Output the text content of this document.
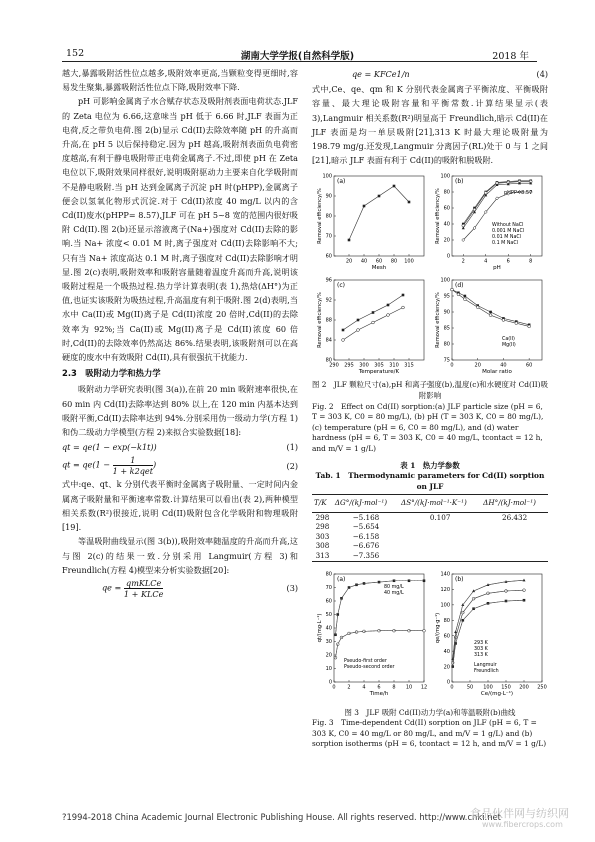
152	湖南大学学报(自然科学版)	2018 年

越大,暴露吸附活性位点越多,吸附效率更高,当颗粒变得更细时,容易发生聚集,暴露吸附活性位点下降,吸附效率下降.

pH 可影响金属离子水合赋存状态及吸附剂表面电荷状态.JLF 的 Zeta 电位为 6.66,这意味当 pH 低于 6.66 时,JLF 表面为正电荷,反之带负电荷.图 2(b)显示 Cd(II)去除效率随 pH 的升高而升高,在 pH 5 以后保持稳定.因为 pH 越高,吸附剂表面负电荷密度越高,有利于静电吸附带正电荷金属离子.不过,即使 pH 在 Zeta 电位以下,吸附效果同样很好,说明吸附驱动力主要来自化学吸附而不是静电吸附.当 pH 达到金属离子沉淀 pH 时(pHPP),金属离子便会以氢氧化物形式沉淀.对于 Cd(II)浓度 40 mg/L 以内的含 Cd(II)废水(pHPP= 8.57),JLF 可在 pH 5~8 宽的范围内很好吸附 Cd(II).图 2(b)还显示溶液离子(Na+)强度对 Cd(II)去除的影响.当 Na+ 浓度< 0.01 M 时,离子强度对 Cd(II)去除影响不大;只有当 Na+ 浓度高达 0.1 M 时,离子强度对 Cd(II)去除影响才明显.图 2(c)表明,吸附效率和吸附容量随着温度升高而升高,说明该吸附过程是一个吸热过程.热力学计算表明(表 1),热焓(ΔH°)为正值,也证实该吸附为吸热过程,升高温度有利于吸附.图 2(d)表明,当水中 Ca(II)或 Mg(II)离子是 Cd(II)浓度 20 倍时,Cd(II)的去除效率为 92%;当 Ca(II)或 Mg(II)离子是 Cd(II)浓度 60 倍时,Cd(II)的去除效率仍然高达 86%.结果表明,该吸附剂可以在高硬度的废水中有效吸附 Cd(II),具有很强抗干扰能力.

2.3　吸附动力学和热力学

吸附动力学研究表明(图 3(a)),在前 20 min 吸附速率很快,在 60 min 内 Cd(II)去除率达到 80% 以上,在 120 min 内基本达到吸附平衡,Cd(II)去除率达到 94%.分别采用伪一级动力学(方程 1)和伪二级动力学模型(方程 2)来拟合实验数据[18]:

qt = qe(1 − exp(−k1t))	(1)
qt = $qe(1 - \frac{1}{\text{1 + k2qet}}$ )	(2)

式中:qe、qt、k 分别代表平衡时金属离子吸附量、一定时间内金属离子吸附量和平衡速率常数.计算结果可以看出(表 2),两种模型相关系数(R²)很接近,说明 Cd(II)吸附包含化学吸附和物理吸附[19].

等温吸附曲线显示(图 3(b)),吸附效率随温度的升高而升高,这与图 2(c)的结果一致.分别采用 Langmuir(方程 3)和 Freundlich(方程 4)模型来分析实验数据[20]:

qe = $\frac{\text{qmKLCe}}{\text{1 + KLCe}}$	(3)
qe = KFCe1/n	(4)

式中,Ce、qe、qm 和 K 分别代表金属离子平衡浓度、平衡吸附容量、最大理论吸附容量和平衡常数.计算结果显示(表 3),Langmuir 相关系数(R²)明显高于 Freundlich,暗示 Cd(II)在 JLF 表面是均一单层吸附[21],313 K 时最大理论吸附量为 198.79 mg/g.还发现,Langmuir 分离因子(RL)处于 0 与 1 之间[21],暗示 JLF 表面有利于 Cd(II)的吸附和脱吸附.

20 40 60 80 100
60
70
80
90
100
Mesh
Removal efficiency/%
(a)
2	4	6	8
0
20
40
60
80
100
pH
Removal efficiency/%
(b)
Without NaCl
0.001 M NaCl
0.01 M NaCl
0.1 M NaCl
pHPP=8.57
290 295 300 305 310 315
80
84
88
92
96
Temperature/K
Removal efficiency/%
(c)
0	20	40	60
75
80
85
90
95
100
Molar ratio
Removal efficiency/%
(d)
Ca(II)
Mg(II)
图 2　JLF 颗粒尺寸(a),pH 和离子强度(b),温度(c)和水硬度对 Cd(II)吸附影响
Fig. 2　Effect on Cd(II) sorption:(a) JLF particle size (pH = 6, T = 303 K, C0 = 80 mg/L), (b) pH (T = 303 K, C0 = 80 mg/L), (c) temperature (pH = 6, C0 = 80 mg/L), and (d) water hardness (pH = 6, T = 303 K, C0 = 40 mg/L, tcontact = 12 h, and m/V = 1 g/L)
表 1　热力学参数
Tab. 1　Thermodynamic parameters for Cd(II) sorption on JLF
T/K	ΔG°/(kJ·mol⁻¹)	ΔS°/(kJ·mol⁻¹·K⁻¹)	ΔH°/(kJ·mol⁻¹)
298	−5.168	0.107	26.432
298	−5.654		
303	−6.158		
308	−6.676		
313	−7.356		
0 2 4 6 8 10 12
0
10
20
30
40
50
60
70
80
Time/h
qt/(mg·L⁻¹)
(a)
80 mg/L
40 mg/L
Pseudo-first order
Pseudo-second order
0	50 100 150 200 250
0
20
40
60
80
100
120
140
Ce/(mg·L⁻¹)
qe/(mg·g⁻¹)
(b)
293 K
303 K
313 K
Langmuir
Freundlich
图 3　JLF 吸附 Cd(II)动力学(a)和等温吸附(b)曲线
Fig. 3　Time-dependent Cd(II) sorption on JLF (pH = 6, T = 303 K, C0 = 40 mg/L or 80 mg/L, and m/V = 1 g/L) and (b) sorption isotherms (pH = 6, tcontact = 12 h, and m/V = 1 g/L)
?1994-2018 China Academic Journal Electronic Publishing House. All rights reserved. http://www.cnki.net
食品伙伴网与纺织网
www.fibercrops.com
